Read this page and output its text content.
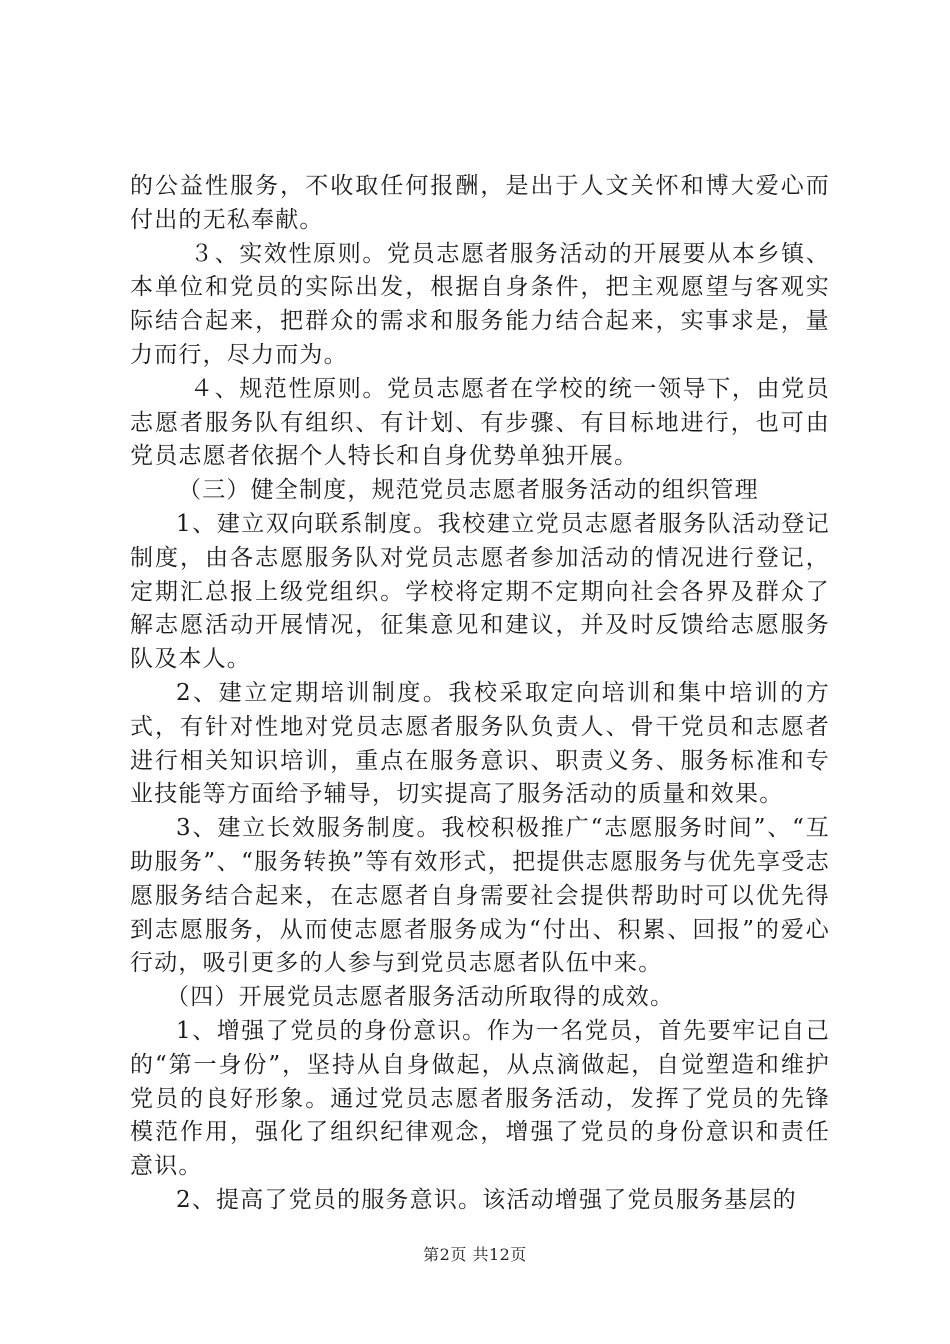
的公益性服务，不收取任何报酬，是出于人文关怀和博大爱心而付出的无私奉献。

３、实效性原则。党员志愿者服务活动的开展要从本乡镇、本单位和党员的实际出发，根据自身条件，把主观愿望与客观实际结合起来，把群众的需求和服务能力结合起来，实事求是，量力而行，尽力而为。

４、规范性原则。党员志愿者在学校的统一领导下，由党员志愿者服务队有组织、有计划、有步骤、有目标地进行，也可由党员志愿者依据个人特长和自身优势单独开展。

（三）健全制度，规范党员志愿者服务活动的组织管理

1、建立双向联系制度。我校建立党员志愿者服务队活动登记制度，由各志愿服务队对党员志愿者参加活动的情况进行登记，定期汇总报上级党组织。学校将定期不定期向社会各界及群众了解志愿活动开展情况，征集意见和建议，并及时反馈给志愿服务队及本人。

2、建立定期培训制度。我校采取定向培训和集中培训的方式，有针对性地对党员志愿者服务队负责人、骨干党员和志愿者进行相关知识培训，重点在服务意识、职责义务、服务标准和专业技能等方面给予辅导，切实提高了服务活动的质量和效果。

3、建立长效服务制度。我校积极推广“志愿服务时间”、“互助服务”、“服务转换”等有效形式，把提供志愿服务与优先享受志愿服务结合起来，在志愿者自身需要社会提供帮助时可以优先得到志愿服务，从而使志愿者服务成为“付出、积累、回报”的爱心行动，吸引更多的人参与到党员志愿者队伍中来。

（四）开展党员志愿者服务活动所取得的成效。

1、增强了党员的身份意识。作为一名党员，首先要牢记自己的“第一身份”，坚持从自身做起，从点滴做起，自觉塑造和维护党员的良好形象。通过党员志愿者服务活动，发挥了党员的先锋模范作用，强化了组织纪律观念，增强了党员的身份意识和责任意识。

2、提高了党员的服务意识。该活动增强了党员服务基层的

第2页 共12页
